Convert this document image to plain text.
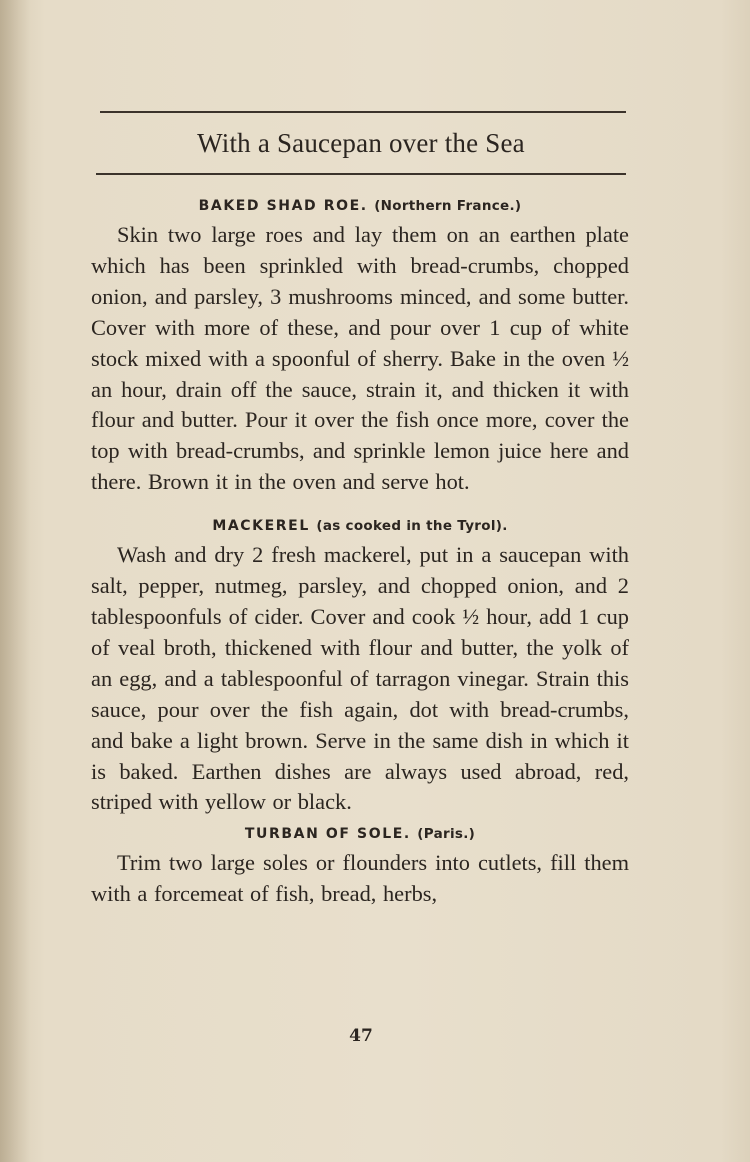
With a Saucepan over the Sea
BAKED SHAD ROE. (Northern France.)

Skin two large roes and lay them on an earthen plate which has been sprinkled with bread-crumbs, chopped onion, and parsley, 3 mushrooms minced, and some butter. Cover with more of these, and pour over 1 cup of white stock mixed with a spoonful of sherry. Bake in the oven ½ an hour, drain off the sauce, strain it, and thicken it with flour and butter. Pour it over the fish once more, cover the top with bread-crumbs, and sprinkle lemon juice here and there. Brown it in the oven and serve hot.

MACKEREL (as cooked in the Tyrol).

Wash and dry 2 fresh mackerel, put in a saucepan with salt, pepper, nutmeg, parsley, and chopped onion, and 2 tablespoonfuls of cider. Cover and cook ½ hour, add 1 cup of veal broth, thickened with flour and butter, the yolk of an egg, and a tablespoonful of tarragon vinegar. Strain this sauce, pour over the fish again, dot with bread-crumbs, and bake a light brown. Serve in the same dish in which it is baked. Earthen dishes are always used abroad, red, striped with yellow or black.

TURBAN OF SOLE. (Paris.)

Trim two large soles or flounders into cutlets, fill them with a forcemeat of fish, bread, herbs,

47
